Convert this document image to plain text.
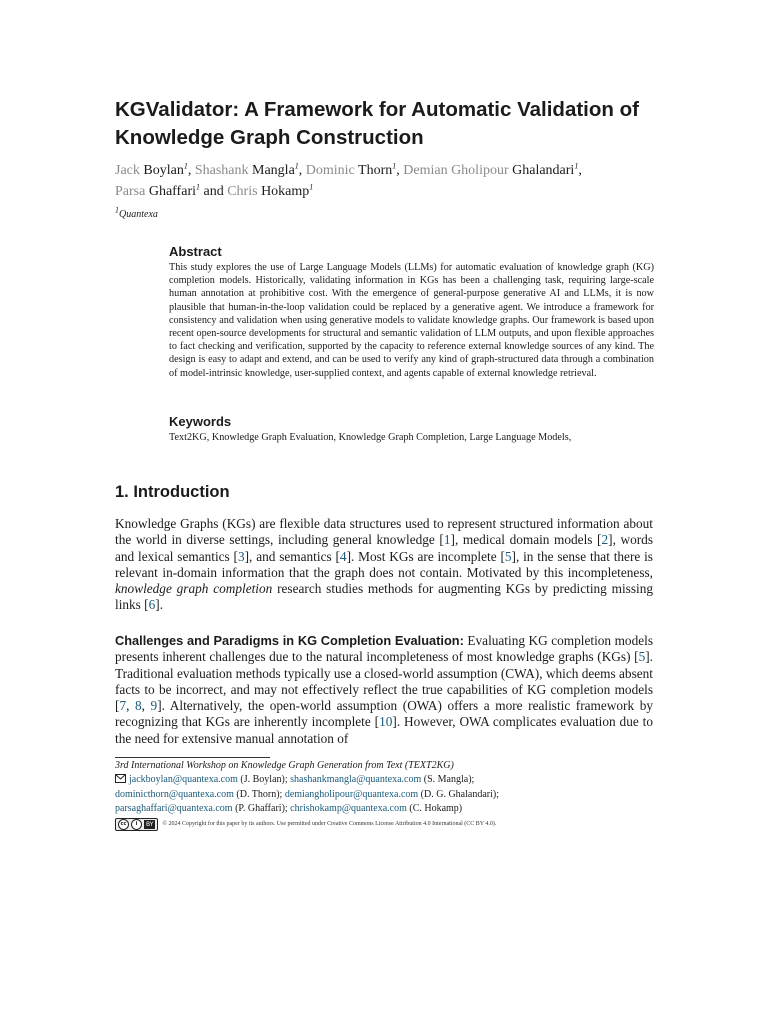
KGValidator: A Framework for Automatic Validation of Knowledge Graph Construction
Jack Boylan$^1$, Shashank Mangla$^1$, Dominic Thorn$^1$, Demian Gholipour Ghalandari$^1$,
Parsa Ghaffari$^1$ and Chris Hokamp$^1$
$^1$Quantexa
Abstract

This study explores the use of Large Language Models (LLMs) for automatic evaluation of knowledge graph (KG) completion models. Historically, validating information in KGs has been a challenging task, requiring large-scale human annotation at prohibitive cost. With the emergence of general-purpose generative AI and LLMs, it is now plausible that human-in-the-loop validation could be replaced by a generative agent. We introduce a framework for consistency and validation when using generative models to validate knowledge graphs. Our framework is based upon recent open-source developments for structural and semantic validation of LLM outputs, and upon flexible approaches to fact checking and verification, supported by the capacity to reference external knowledge sources of any kind. The design is easy to adapt and extend, and can be used to verify any kind of graph-structured data through a combination of model-intrinsic knowledge, user-supplied context, and agents capable of external knowledge retrieval.

Keywords

Text2KG, Knowledge Graph Evaluation, Knowledge Graph Completion, Large Language Models,

1. Introduction

Knowledge Graphs (KGs) are flexible data structures used to represent structured information about the world in diverse settings, including general knowledge [1], medical domain models [2], words and lexical semantics [3], and semantics [4]. Most KGs are incomplete [5], in the sense that there is relevant in-domain information that the graph does not contain. Motivated by this incompleteness, knowledge graph completion research studies methods for augmenting KGs by predicting missing links [6].

Challenges and Paradigms in KG Completion Evaluation: Evaluating KG completion models presents inherent challenges due to the natural incompleteness of most knowledge graphs (KGs) [5]. Traditional evaluation methods typically use a closed-world assumption (CWA), which deems absent facts to be incorrect, and may not effectively reflect the true capabilities of KG completion models [7, 8, 9]. Alternatively, the open-world assumption (OWA) offers a more realistic framework by recognizing that KGs are inherently incomplete [10]. However, OWA complicates evaluation due to the need for extensive manual annotation of

3rd International Workshop on Knowledge Graph Generation from Text (TEXT2KG)
jackboylan@quantexa.com (J. Boylan); shashankmangla@quantexa.com (S. Mangla);
dominicthorn@quantexa.com (D. Thorn); demiangholipour@quantexa.com (D. G. Ghalandari);
parsaghaffari@quantexa.com (P. Ghaffari); chrishokamp@quantexa.com (C. Hokamp)
cc	i	BY	© 2024 Copyright for this paper by its authors. Use permitted under Creative Commons License Attribution 4.0 International (CC BY 4.0).
